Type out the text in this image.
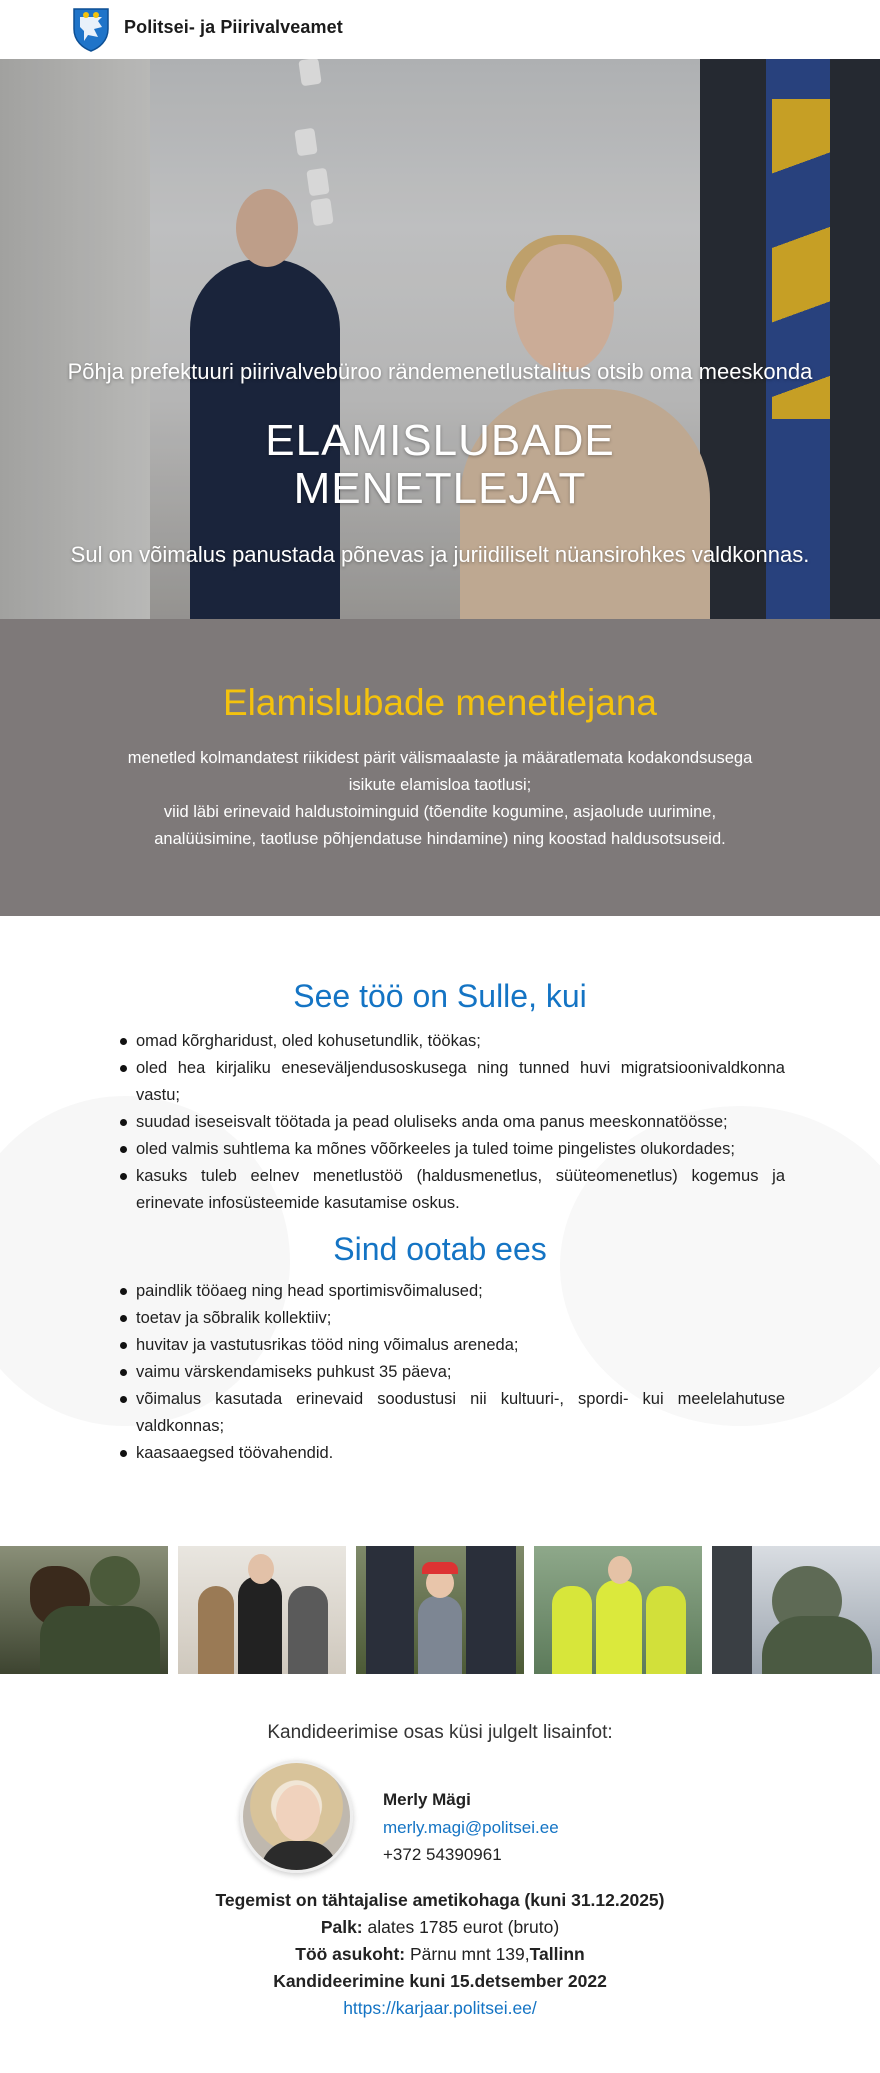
Politsei- ja Piirivalveamet
Põhja prefektuuri piirivalvebüroo rändemenetlustalitus otsib oma meeskonda
ELAMISLUBADE
MENETLEJAT
Sul on võimalus panustada põnevas ja juriidiliselt nüansirohkes valdkonnas.
Elamislubade menetlejana

menetled kolmandatest riikidest pärit välismaalaste ja määratlemata kodakondsusega

isikute elamisloa taotlusi;

viid läbi erinevaid haldustoiminguid (tõendite kogumine, asjaolude uurimine,

analüüsimine, taotluse põhjendatuse hindamine) ning koostad haldusotsuseid.

See töö on Sulle, kui
omad kõrgharidust, oled kohusetundlik, töökas;
oled hea kirjaliku eneseväljendusoskusega ning tunned huvi migratsioonivaldkonna vastu;
suudad iseseisvalt töötada ja pead oluliseks anda oma panus meeskonnatöösse;
oled valmis suhtlema ka mõnes võõrkeeles ja tuled toime pingelistes olukordades;
kasuks tuleb eelnev menetlustöö (haldusmenetlus, süüteomenetlus) kogemus ja erinevate infosüsteemide kasutamise oskus.
Sind ootab ees
paindlik tööaeg ning head sportimisvõimalused;
toetav ja sõbralik kollektiiv;
huvitav ja vastutusrikas tööd ning võimalus areneda;
vaimu värskendamiseks puhkust 35 päeva;
võimalus kasutada erinevaid soodustusi nii kultuuri-, spordi- kui meelelahutuse valdkonnas;
kaasaaegsed töövahendid.
Kandideerimise osas küsi julgelt lisainfot:
Merly Mägi
merly.magi@politsei.ee
+372 54390961
Tegemist on tähtajalise ametikohaga (kuni 31.12.2025)
Palk: alates 1785 eurot (bruto)
Töö asukoht: Pärnu mnt 139,Tallinn
Kandideerimine kuni 15.detsember 2022
https://karjaar.politsei.ee/
